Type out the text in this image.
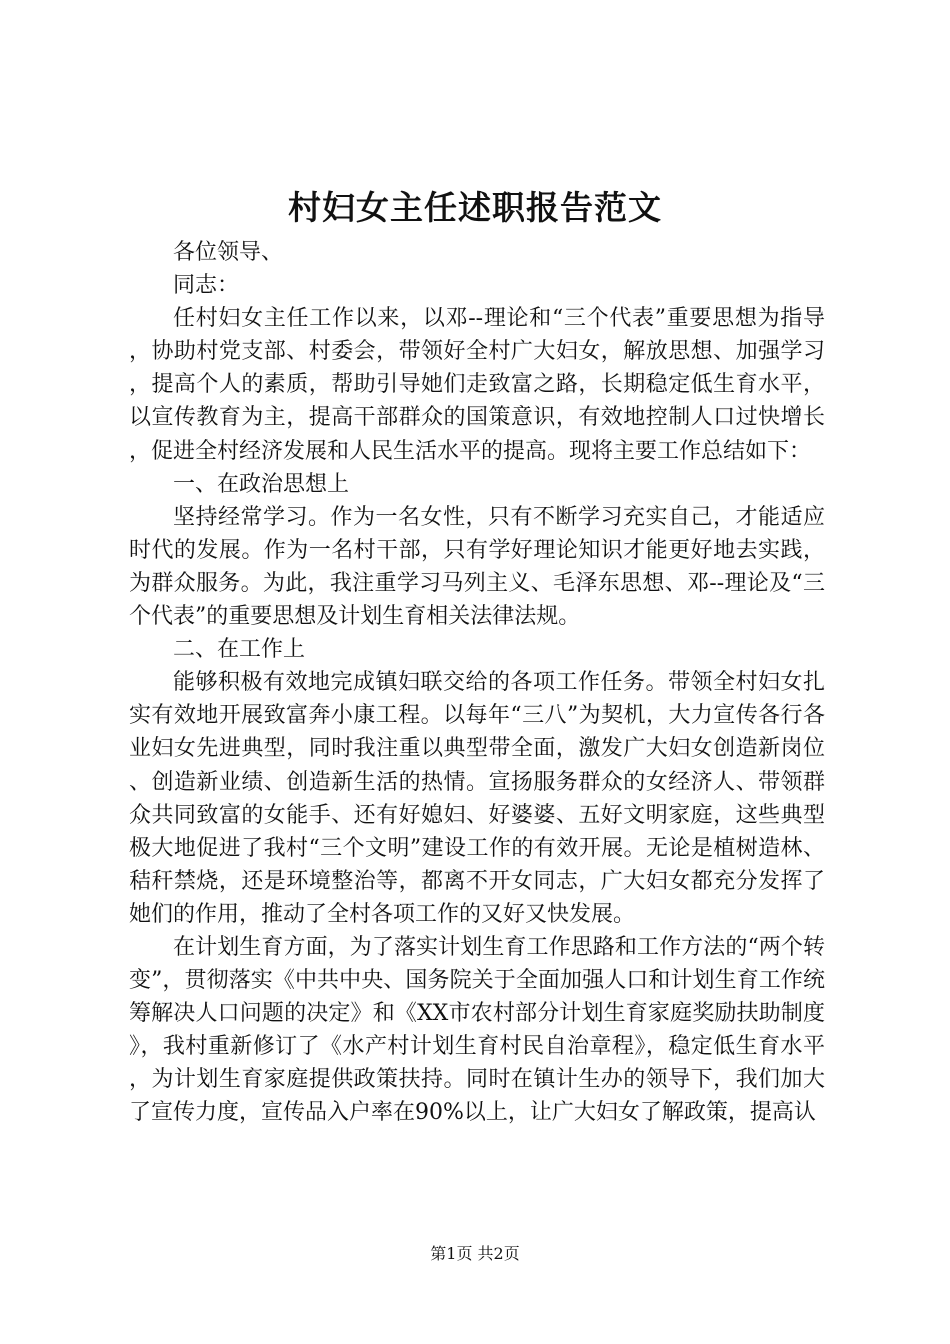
村妇女主任述职报告范文

各位领导、

同志：

任村妇女主任工作以来，以邓--理论和“三个代表”重要思想为指导，协助村党支部、村委会，带领好全村广大妇女，解放思想、加强学习，提高个人的素质，帮助引导她们走致富之路，长期稳定低生育水平，以宣传教育为主，提高干部群众的国策意识，有效地控制人口过快增长，促进全村经济发展和人民生活水平的提高。现将主要工作总结如下：

一、在政治思想上

坚持经常学习。作为一名女性，只有不断学习充实自己，才能适应时代的发展。作为一名村干部，只有学好理论知识才能更好地去实践，为群众服务。为此，我注重学习马列主义、毛泽东思想、邓--理论及“三个代表”的重要思想及计划生育相关法律法规。

二、在工作上

能够积极有效地完成镇妇联交给的各项工作任务。带领全村妇女扎实有效地开展致富奔小康工程。以每年“三八”为契机，大力宣传各行各业妇女先进典型，同时我注重以典型带全面，激发广大妇女创造新岗位、创造新业绩、创造新生活的热情。宣扬服务群众的女经济人、带领群众共同致富的女能手、还有好媳妇、好婆婆、五好文明家庭，这些典型极大地促进了我村“三个文明”建设工作的有效开展。无论是植树造林、秸秆禁烧，还是环境整治等，都离不开女同志，广大妇女都充分发挥了她们的作用，推动了全村各项工作的又好又快发展。

在计划生育方面，为了落实计划生育工作思路和工作方法的“两个转变”，贯彻落实《中共中央、国务院关于全面加强人口和计划生育工作统筹解决人口问题的决定》和《XX市农村部分计划生育家庭奖励扶助制度》，我村重新修订了《水产村计划生育村民自治章程》，稳定低生育水平，为计划生育家庭提供政策扶持。同时在镇计生办的领导下，我们加大了宣传力度，宣传品入户率在90%以上，让广大妇女了解政策，提高认

第1页 共2页
